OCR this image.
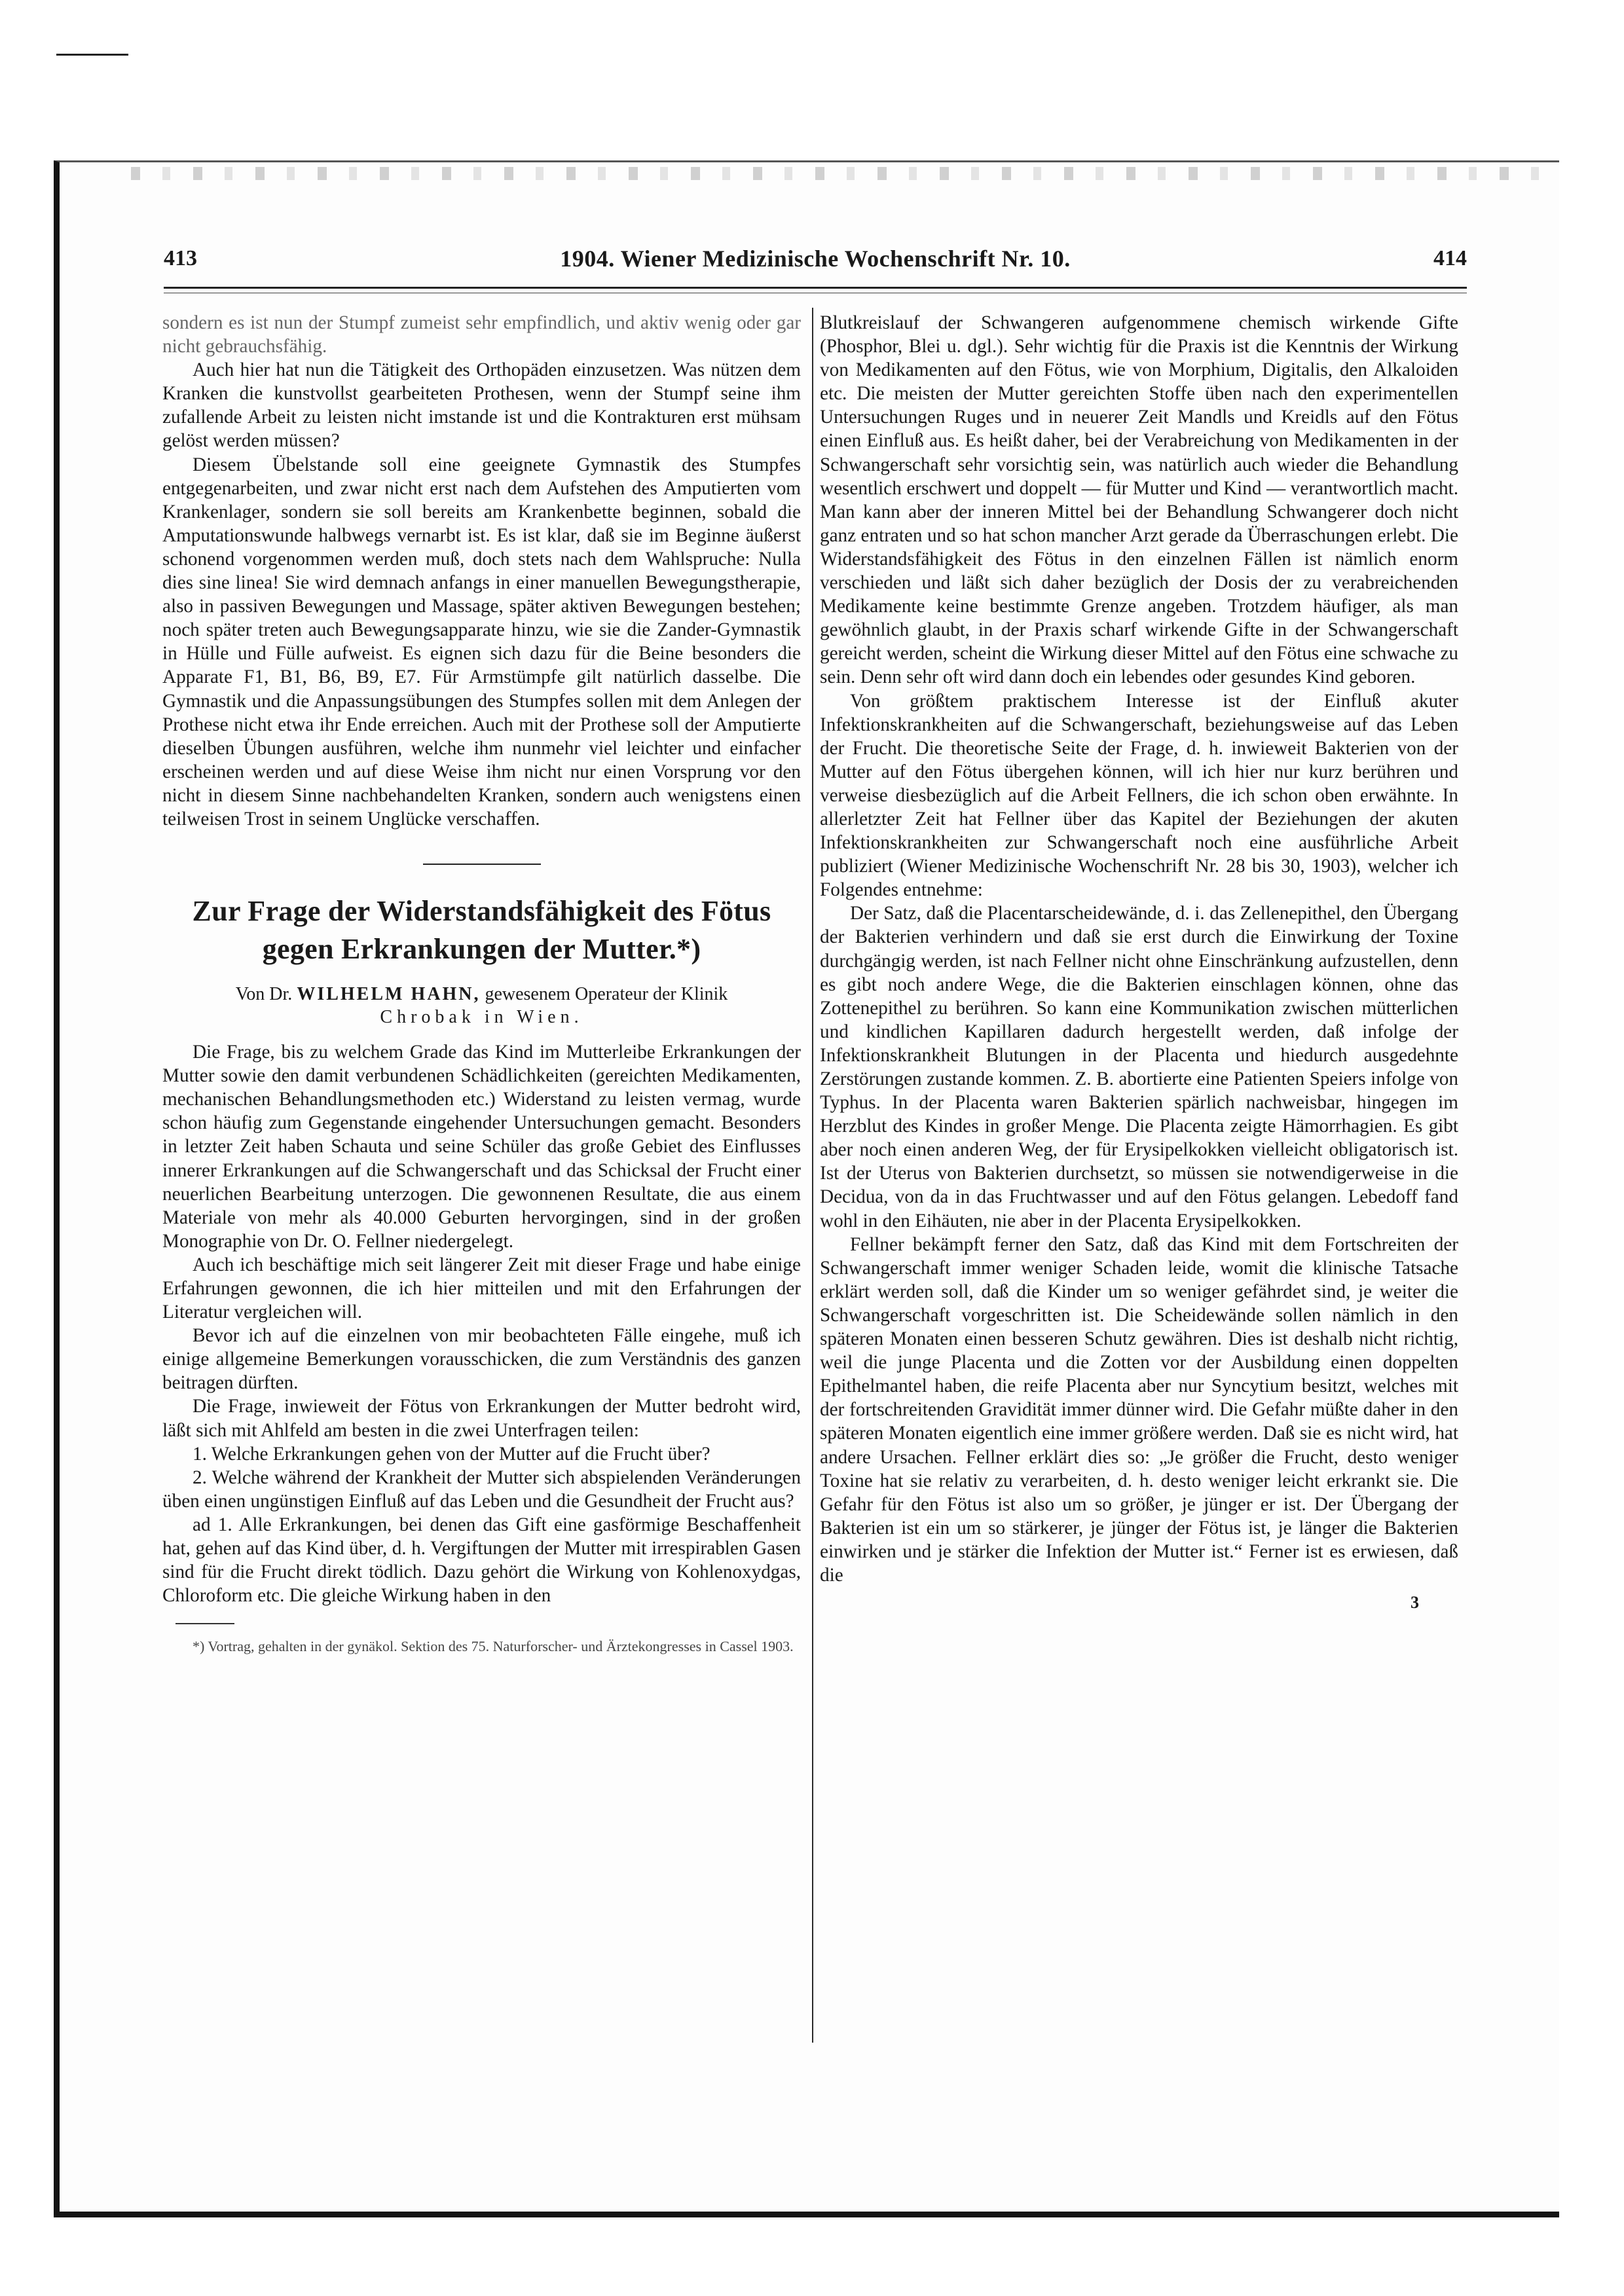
413	1904. Wiener Medizinische Wochenschrift Nr. 10.	414

sondern es ist nun der Stumpf zumeist sehr empfindlich, und aktiv wenig oder gar nicht gebrauchsfähig.

Auch hier hat nun die Tätigkeit des Orthopäden einzusetzen. Was nützen dem Kranken die kunstvollst gearbeiteten Prothesen, wenn der Stumpf seine ihm zufallende Arbeit zu leisten nicht imstande ist und die Kontrakturen erst mühsam gelöst werden müssen?

Diesem Übelstande soll eine geeignete Gymnastik des Stumpfes entgegenarbeiten, und zwar nicht erst nach dem Aufstehen des Amputierten vom Krankenlager, sondern sie soll bereits am Krankenbette beginnen, sobald die Amputationswunde halbwegs vernarbt ist. Es ist klar, daß sie im Beginne äußerst schonend vorgenommen werden muß, doch stets nach dem Wahlspruche: Nulla dies sine linea! Sie wird demnach anfangs in einer manuellen Bewegungstherapie, also in passiven Bewegungen und Massage, später aktiven Bewegungen bestehen; noch später treten auch Bewegungsapparate hinzu, wie sie die Zander-Gymnastik in Hülle und Fülle aufweist. Es eignen sich dazu für die Beine besonders die Apparate F1, B1, B6, B9, E7. Für Armstümpfe gilt natürlich dasselbe. Die Gymnastik und die Anpassungsübungen des Stumpfes sollen mit dem Anlegen der Prothese nicht etwa ihr Ende erreichen. Auch mit der Prothese soll der Amputierte dieselben Übungen ausführen, welche ihm nunmehr viel leichter und einfacher erscheinen werden und auf diese Weise ihm nicht nur einen Vorsprung vor den nicht in diesem Sinne nachbehandelten Kranken, sondern auch wenigstens einen teilweisen Trost in seinem Unglücke verschaffen.

Zur Frage der Widerstandsfähigkeit des Fötus gegen Erkrankungen der Mutter.*)
Von Dr. WILHELM HAHN, gewesenem Operateur der Klinik
Chrobak in Wien.

Die Frage, bis zu welchem Grade das Kind im Mutterleibe Erkrankungen der Mutter sowie den damit verbundenen Schädlichkeiten (gereichten Medikamenten, mechanischen Behandlungsmethoden etc.) Widerstand zu leisten vermag, wurde schon häufig zum Gegenstande eingehender Untersuchungen gemacht. Besonders in letzter Zeit haben Schauta und seine Schüler das große Gebiet des Einflusses innerer Erkrankungen auf die Schwangerschaft und das Schicksal der Frucht einer neuerlichen Bearbeitung unterzogen. Die gewonnenen Resultate, die aus einem Materiale von mehr als 40.000 Geburten hervorgingen, sind in der großen Monographie von Dr. O. Fellner niedergelegt.

Auch ich beschäftige mich seit längerer Zeit mit dieser Frage und habe einige Erfahrungen gewonnen, die ich hier mitteilen und mit den Erfahrungen der Literatur vergleichen will.

Bevor ich auf die einzelnen von mir beobachteten Fälle eingehe, muß ich einige allgemeine Bemerkungen vorausschicken, die zum Verständnis des ganzen beitragen dürften.

Die Frage, inwieweit der Fötus von Erkrankungen der Mutter bedroht wird, läßt sich mit Ahlfeld am besten in die zwei Unterfragen teilen:

1. Welche Erkrankungen gehen von der Mutter auf die Frucht über?

2. Welche während der Krankheit der Mutter sich abspielenden Veränderungen üben einen ungünstigen Einfluß auf das Leben und die Gesundheit der Frucht aus?

ad 1. Alle Erkrankungen, bei denen das Gift eine gasförmige Beschaffenheit hat, gehen auf das Kind über, d. h. Vergiftungen der Mutter mit irrespirablen Gasen sind für die Frucht direkt tödlich. Dazu gehört die Wirkung von Kohlenoxydgas, Chloroform etc. Die gleiche Wirkung haben in den

*) Vortrag, gehalten in der gynäkol. Sektion des 75. Naturforscher- und Ärztekongresses in Cassel 1903.

Blutkreislauf der Schwangeren aufgenommene chemisch wirkende Gifte (Phosphor, Blei u. dgl.). Sehr wichtig für die Praxis ist die Kenntnis der Wirkung von Medikamenten auf den Fötus, wie von Morphium, Digitalis, den Alkaloiden etc. Die meisten der Mutter gereichten Stoffe üben nach den experimentellen Untersuchungen Ruges und in neuerer Zeit Mandls und Kreidls auf den Fötus einen Einfluß aus. Es heißt daher, bei der Verabreichung von Medikamenten in der Schwangerschaft sehr vorsichtig sein, was natürlich auch wieder die Behandlung wesentlich erschwert und doppelt — für Mutter und Kind — verantwortlich macht. Man kann aber der inneren Mittel bei der Behandlung Schwangerer doch nicht ganz entraten und so hat schon mancher Arzt gerade da Überraschungen erlebt. Die Widerstandsfähigkeit des Fötus in den einzelnen Fällen ist nämlich enorm verschieden und läßt sich daher bezüglich der Dosis der zu verabreichenden Medikamente keine bestimmte Grenze angeben. Trotzdem häufiger, als man gewöhnlich glaubt, in der Praxis scharf wirkende Gifte in der Schwangerschaft gereicht werden, scheint die Wirkung dieser Mittel auf den Fötus eine schwache zu sein. Denn sehr oft wird dann doch ein lebendes oder gesundes Kind geboren.

Von größtem praktischem Interesse ist der Einfluß akuter Infektionskrankheiten auf die Schwangerschaft, beziehungsweise auf das Leben der Frucht. Die theoretische Seite der Frage, d. h. inwieweit Bakterien von der Mutter auf den Fötus übergehen können, will ich hier nur kurz berühren und verweise diesbezüglich auf die Arbeit Fellners, die ich schon oben erwähnte. In allerletzter Zeit hat Fellner über das Kapitel der Beziehungen der akuten Infektionskrankheiten zur Schwangerschaft noch eine ausführliche Arbeit publiziert (Wiener Medizinische Wochenschrift Nr. 28 bis 30, 1903), welcher ich Folgendes entnehme:

Der Satz, daß die Placentarscheidewände, d. i. das Zellenepithel, den Übergang der Bakterien verhindern und daß sie erst durch die Einwirkung der Toxine durchgängig werden, ist nach Fellner nicht ohne Einschränkung aufzustellen, denn es gibt noch andere Wege, die die Bakterien einschlagen können, ohne das Zottenepithel zu berühren. So kann eine Kommunikation zwischen mütterlichen und kindlichen Kapillaren dadurch hergestellt werden, daß infolge der Infektionskrankheit Blutungen in der Placenta und hiedurch ausgedehnte Zerstörungen zustande kommen. Z. B. abortierte eine Patienten Speiers infolge von Typhus. In der Placenta waren Bakterien spärlich nachweisbar, hingegen im Herzblut des Kindes in großer Menge. Die Placenta zeigte Hämorrhagien. Es gibt aber noch einen anderen Weg, der für Erysipelkokken vielleicht obligatorisch ist. Ist der Uterus von Bakterien durchsetzt, so müssen sie notwendigerweise in die Decidua, von da in das Fruchtwasser und auf den Fötus gelangen. Lebedoff fand wohl in den Eihäuten, nie aber in der Placenta Erysipelkokken.

Fellner bekämpft ferner den Satz, daß das Kind mit dem Fortschreiten der Schwangerschaft immer weniger Schaden leide, womit die klinische Tatsache erklärt werden soll, daß die Kinder um so weniger gefährdet sind, je weiter die Schwangerschaft vorgeschritten ist. Die Scheidewände sollen nämlich in den späteren Monaten einen besseren Schutz gewähren. Dies ist deshalb nicht richtig, weil die junge Placenta und die Zotten vor der Ausbildung einen doppelten Epithelmantel haben, die reife Placenta aber nur Syncytium besitzt, welches mit der fortschreitenden Gravidität immer dünner wird. Die Gefahr müßte daher in den späteren Monaten eigentlich eine immer größere werden. Daß sie es nicht wird, hat andere Ursachen. Fellner erklärt dies so: „Je größer die Frucht, desto weniger Toxine hat sie relativ zu verarbeiten, d. h. desto weniger leicht erkrankt sie. Die Gefahr für den Fötus ist also um so größer, je jünger er ist. Der Übergang der Bakterien ist ein um so stärkerer, je jünger der Fötus ist, je länger die Bakterien einwirken und je stärker die Infektion der Mutter ist.“ Ferner ist es erwiesen, daß die

3
